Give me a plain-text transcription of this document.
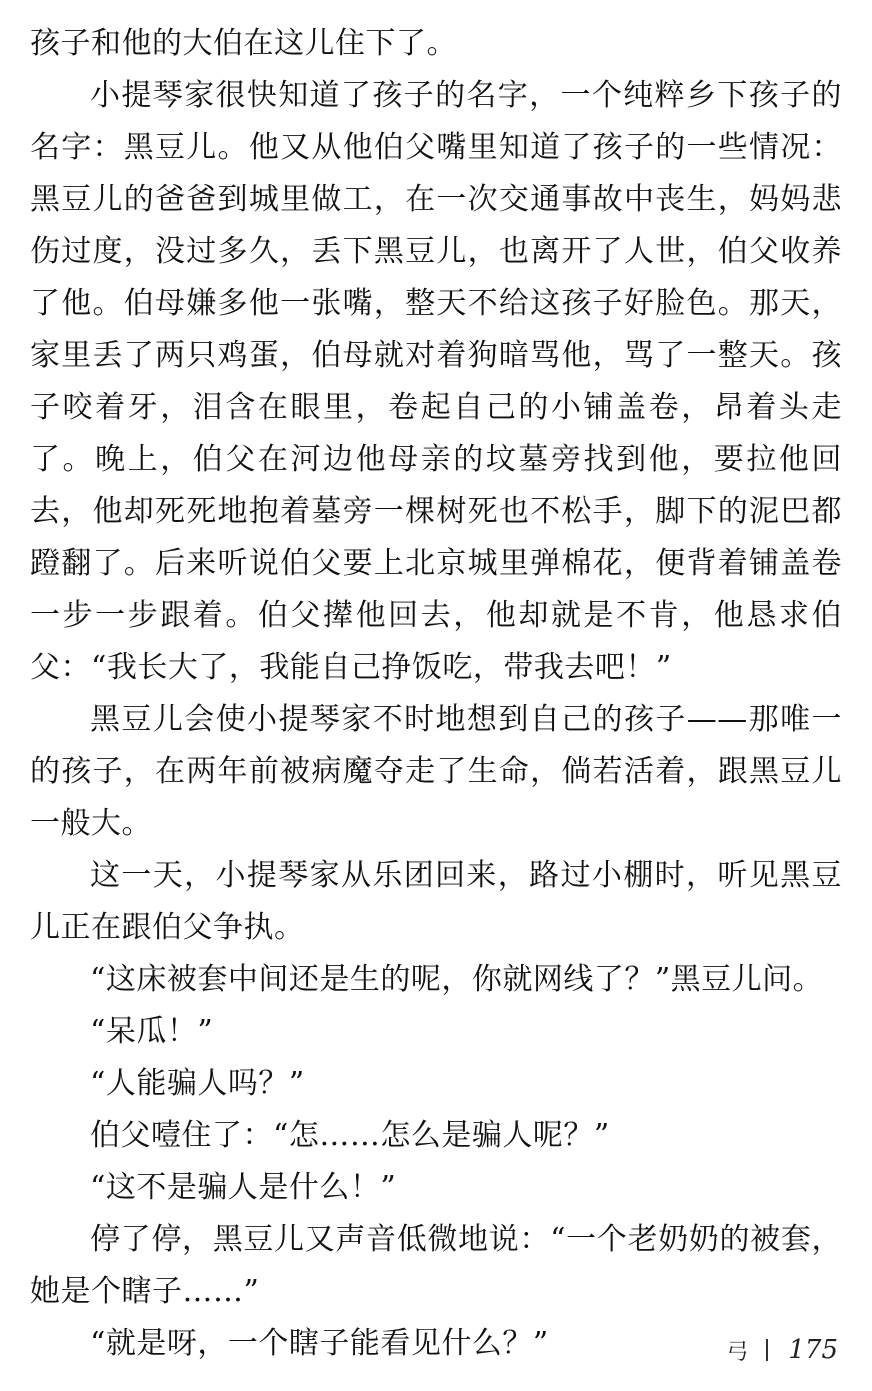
孩子和他的大伯在这儿住下了。

小提琴家很快知道了孩子的名字，一个纯粹乡下孩子的名字：黑豆儿。他又从他伯父嘴里知道了孩子的一些情况：黑豆儿的爸爸到城里做工，在一次交通事故中丧生，妈妈悲伤过度，没过多久，丢下黑豆儿，也离开了人世，伯父收养了他。伯母嫌多他一张嘴，整天不给这孩子好脸色。那天，家里丢了两只鸡蛋，伯母就对着狗暗骂他，骂了一整天。孩子咬着牙，泪含在眼里，卷起自己的小铺盖卷，昂着头走了。晚上，伯父在河边他母亲的坟墓旁找到他，要拉他回去，他却死死地抱着墓旁一棵树死也不松手，脚下的泥巴都蹬翻了。后来听说伯父要上北京城里弹棉花，便背着铺盖卷一步一步跟着。伯父撵他回去，他却就是不肯，他恳求伯父：“我长大了，我能自己挣饭吃，带我去吧！”

黑豆儿会使小提琴家不时地想到自己的孩子——那唯一的孩子，在两年前被病魔夺走了生命，倘若活着，跟黑豆儿一般大。

这一天，小提琴家从乐团回来，路过小棚时，听见黑豆儿正在跟伯父争执。

“这床被套中间还是生的呢，你就网线了？”黑豆儿问。

“呆瓜！”

“人能骗人吗？”

伯父噎住了：“怎……怎么是骗人呢？”

“这不是骗人是什么！”

停了停，黑豆儿又声音低微地说：“一个老奶奶的被套，她是个瞎子……”

“就是呀，一个瞎子能看见什么？”	弓 175
